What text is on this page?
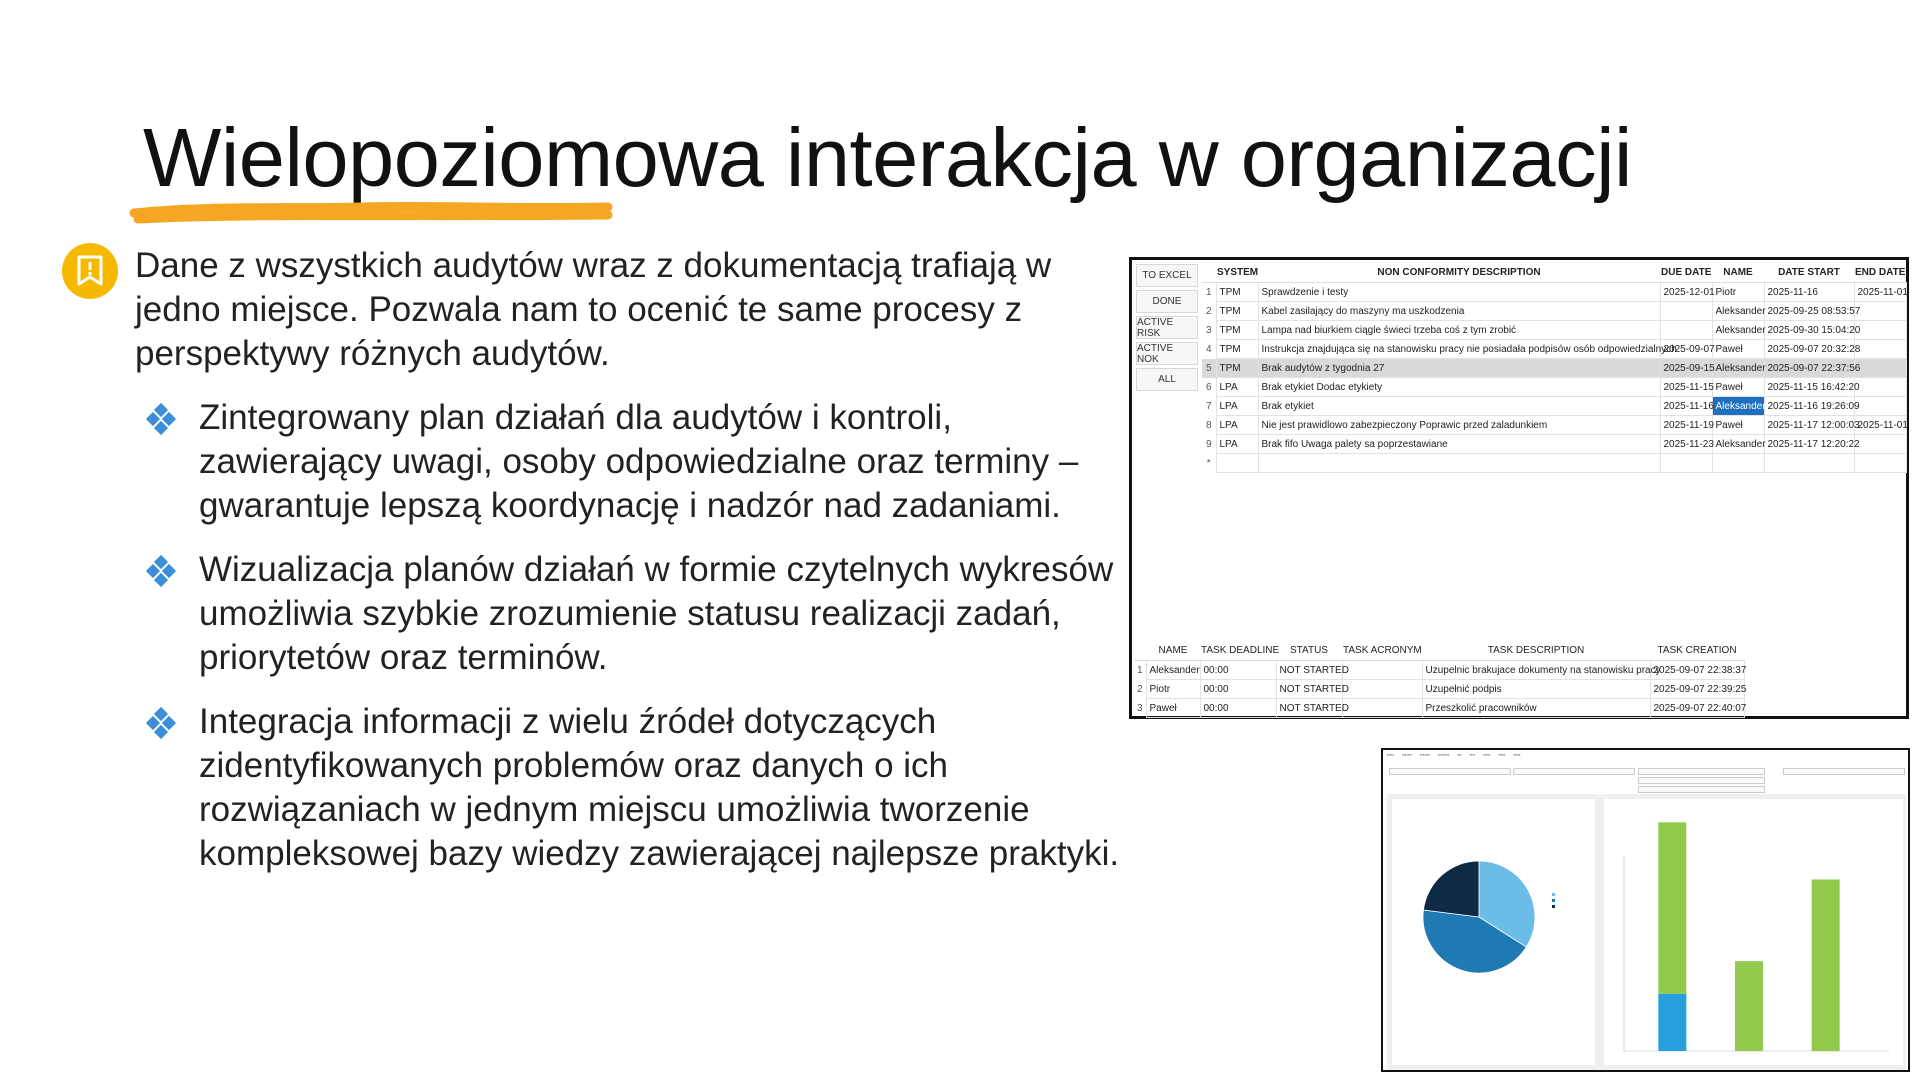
Wielopoziomowa interakcja w organizacji

Dane z wszystkich audytów wraz z dokumentacją trafiają w jedno miejsce. Pozwala nam to ocenić te same procesy z perspektywy różnych audytów.

Zintegrowany plan działań dla audytów i kontroli, zawierający uwagi, osoby odpowiedzialne oraz terminy – gwarantuje lepszą koordynację i nadzór nad zadaniami.

Wizualizacja planów działań w formie czytelnych wykresów umożliwia szybkie zrozumienie statusu realizacji zadań, priorytetów oraz terminów.

Integracja informacji z wielu źródeł dotyczących zidentyfikowanych problemów oraz danych o ich rozwiązaniach w jednym miejscu umożliwia tworzenie kompleksowej bazy wiedzy zawierającej najlepsze praktyki.

TO EXCEL
DONE
ACTIVE RISK
ACTIVE NOK
ALL
	SYSTEM	NON CONFORMITY DESCRIPTION	DUE DATE	NAME	DATE START	END DATE
1	TPM	Sprawdzenie i testy	2025-12-01	Piotr	2025-11-16	2025-11-01
2	TPM	Kabel zasilający do maszyny ma uszkodzenia		Aleksander	2025-09-25 08:53:57	
3	TPM	Lampa nad biurkiem ciągle świeci trzeba coś z tym zrobić		Aleksander	2025-09-30 15:04:20	
4	TPM	Instrukcja znajdująca się na stanowisku pracy nie posiadała podpisów osób odpowiedzialnych	2025-09-07	Paweł	2025-09-07 20:32:28	
5	TPM	Brak audytów z tygodnia 27	2025-09-15	Aleksander	2025-09-07 22:37:56	
6	LPA	Brak etykiet Dodac etykiety	2025-11-15	Paweł	2025-11-15 16:42:20	
7	LPA	Brak etykiet	2025-11-16	Aleksander	2025-11-16 19:26:09	
8	LPA	Nie jest prawidlowo zabezpieczony Poprawic przed zaladunkiem	2025-11-19	Paweł	2025-11-17 12:00:03	2025-11-01
9	LPA	Brak fifo Uwaga palety sa poprzestawiane	2025-11-23	Aleksander	2025-11-17 12:20:22	
*						
	NAME	TASK DEADLINE	STATUS	TASK ACRONYM	TASK DESCRIPTION	TASK CREATION
1	Aleksander	00:00	NOT STARTED		Uzupelnic brakujace dokumenty na stanowisku pracy	2025-09-07 22:38:37
2	Piotr	00:00	NOT STARTED		Uzupełnić podpis	2025-09-07 22:39:25
3	Paweł	00:00	NOT STARTED		Przeszkolić pracowników	2025-09-07 22:40:07
▪▪▪▪▪ ▪▪▪▪▪▪▪ ▪▪▪▪▪▪▪ ▪▪▪▪▪▪▪▪ ▪▪▪ ▪▪▪▪ ▪▪▪▪▪ ▪▪▪▪▪ ▪▪▪▪▪
